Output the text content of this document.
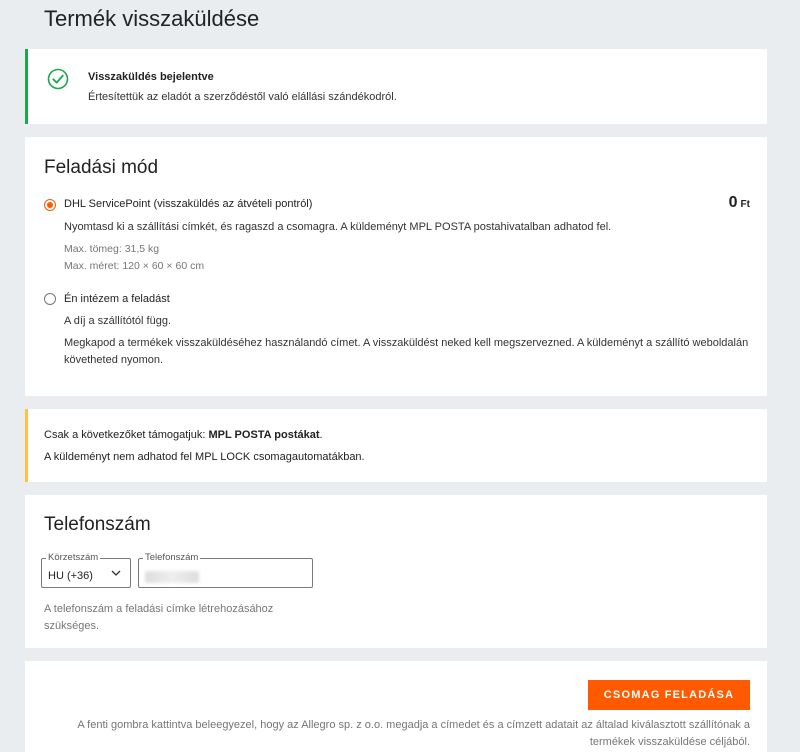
Termék visszaküldése
Visszaküldés bejelentve
Értesítettük az eladót a szerződéstől való elállási szándékodról.
Feladási mód
DHL ServicePoint (visszaküldés az átvételi pontról)	0 Ft
Nyomtasd ki a szállítási címkét, és ragaszd a csomagra. A küldeményt MPL POSTA postahivatalban adhatod fel.
Max. tömeg: 31,5 kg
Max. méret: 120 × 60 × 60 cm
Én intézem a feladást
A díj a szállítótól függ.
Megkapod a termékek visszaküldéséhez használandó címet. A visszaküldést neked kell megszervezned. A küldeményt a szállító weboldalán követheted nyomon.
Csak a következőket támogatjuk: MPL POSTA postákat.
A küldeményt nem adhatod fel MPL LOCK csomagautomatákban.
Telefonszám
Körzetszám
HU (+36)
Telefonszám
A telefonszám a feladási címke létrehozásához szükséges.
CSOMAG FELADÁSA
A fenti gombra kattintva beleegyezel, hogy az Allegro sp. z o.o. megadja a címedet és a címzett adatait az általad kiválasztott szállítónak a

termékek visszaküldése céljából.
